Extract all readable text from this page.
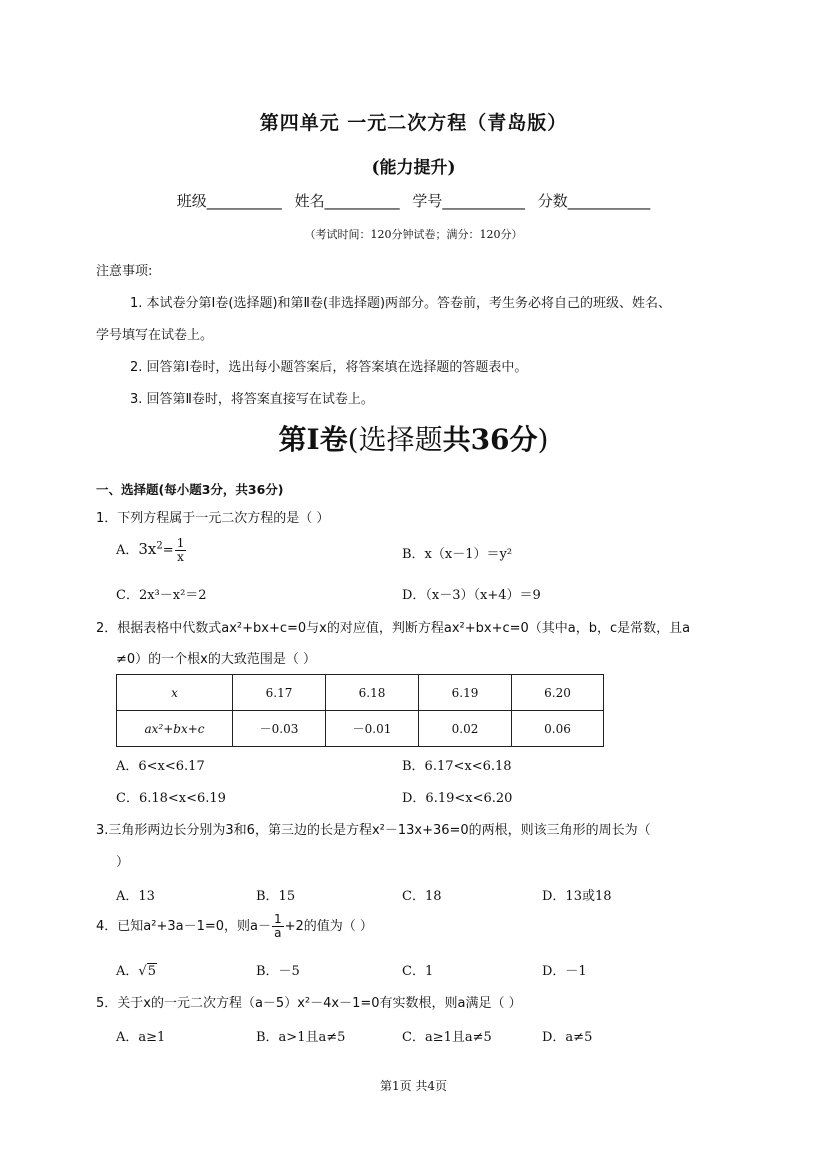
第四单元 一元二次方程（青岛版）
(能力提升)
班级__________ 姓名__________ 学号___________ 分数___________
（考试时间：120分钟试卷；满分：120分）
注意事项:
1. 本试卷分第Ⅰ卷(选择题)和第Ⅱ卷(非选择题)两部分。答卷前，考生务必将自己的班级、姓名、
学号填写在试卷上。
2. 回答第Ⅰ卷时，选出每小题答案后，将答案填在选择题的答题表中。
3. 回答第Ⅱ卷时，将答案直接写在试卷上。
第Ⅰ卷(选择题共36分)
一、选择题(每小题3分，共36分)
1．下列方程属于一元二次方程的是（ ）
A．$3x^2= \frac{1}{x}$	B．x（x－1）＝y²
C．2x³－x²＝2	D．（x－3）（x+4）＝9
2．根据表格中代数式ax²+bx+c=0与x的对应值，判断方程ax²+bx+c=0（其中a，b，c是常数，且a
≠0）的一个根x的大致范围是（ ）
x	6.17	6.18	6.19	6.20
ax²+bx+c	－0.03	－0.01	0.02	0.06
A．6<x<6.17	B．6.17<x<6.18
C．6.18<x<6.19	D．6.19<x<6.20
3.三角形两边长分别为3和6，第三边的长是方程x²－13x+36=0的两根，则该三角形的周长为（
）
A．13	B．15	C．18	D．13或18
4．已知a²+3a－1=0，则$a- \frac{1}{a} +2$的值为（ ）
A．√5	B．－5	C．1	D．－1
5．关于x的一元二次方程（a－5）x²－4x－1=0有实数根，则a满足（ ）
A．a≥1	B．a>1且a≠5	C．a≥1且a≠5	D．a≠5
第1页 共4页
